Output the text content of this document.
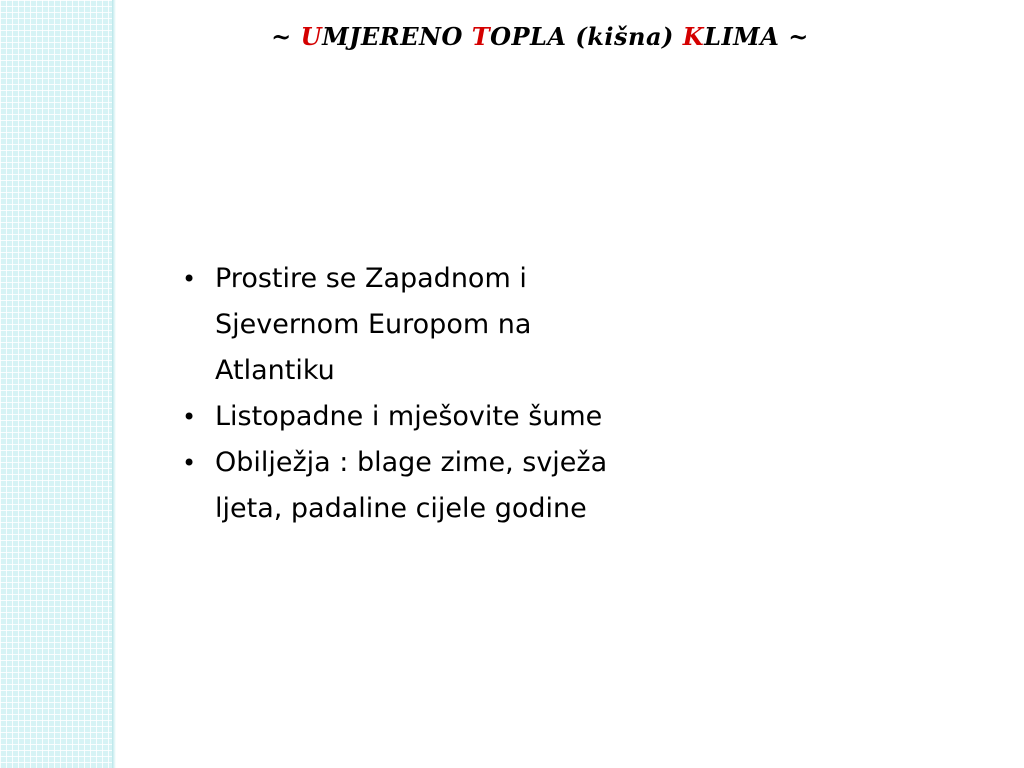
~ UMJERENO TOPLA (kišna) KLIMA ~
• Prostire se Zapadnom i Sjevernom Europom na Atlantiku
• Listopadne i mješovite šume
• Obilježja : blage zime, svježa ljeta, padaline cijele godine
